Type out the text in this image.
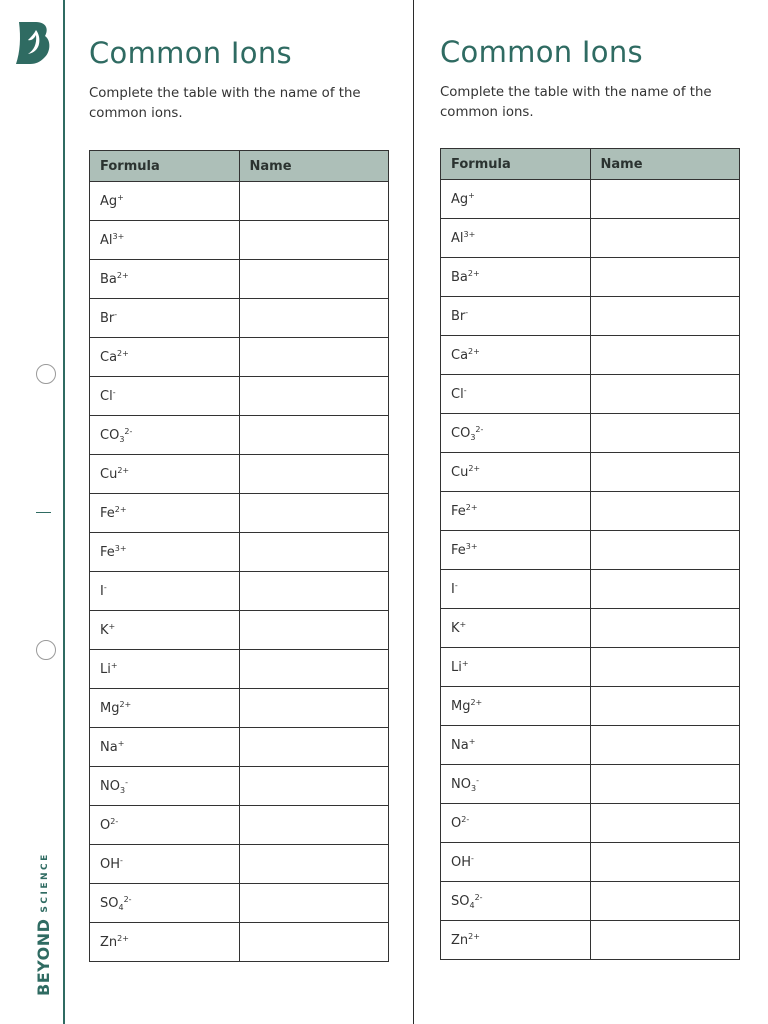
BEYONDSCIENCE
Common Ions

Complete the table with the name of the common ions.

Formula	Name
Ag+	
$Al^{3+}$	
$Ba^{2+}$	
Br-	
$Ca^{2+}$	
Cl-	
$CO_3^{2-}$	
$Cu^{2+}$	
$Fe^{2+}$	
$Fe^{3+}$	
I-	
K+	
Li+	
$Mg^{2+}$	
Na+	
$NO_3^-$	
$O^{2-}$	
OH-	
$SO_4^{2-}$	
$Zn^{2+}$	
Common Ions

Complete the table with the name of the common ions.

Formula	Name
Ag+	
$Al^{3+}$	
$Ba^{2+}$	
Br-	
$Ca^{2+}$	
Cl-	
$CO_3^{2-}$	
$Cu^{2+}$	
$Fe^{2+}$	
$Fe^{3+}$	
I-	
K+	
Li+	
$Mg^{2+}$	
Na+	
$NO_3^-$	
$O^{2-}$	
OH-	
$SO_4^{2-}$	
$Zn^{2+}$	
